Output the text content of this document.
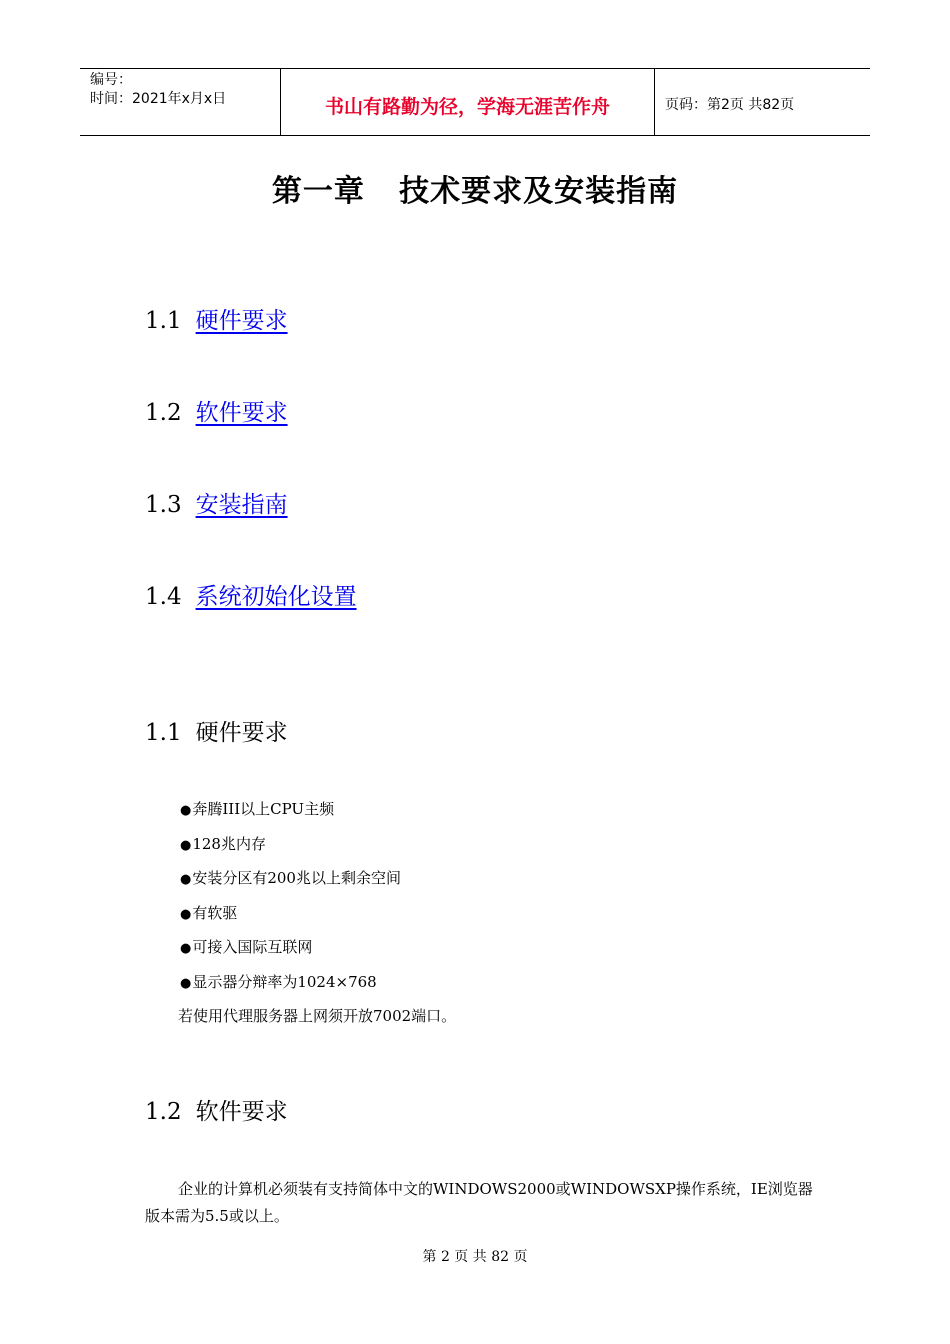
编号：
时间：2021年x月x日	书山有路勤为径，学海无涯苦作舟	页码：第2页 共82页
第一章   技术要求及安装指南
1.1 硬件要求
1.2 软件要求
1.3 安装指南
1.4 系统初始化设置
1.1 硬件要求
●奔腾III以上CPU主频
●128兆内存
●安装分区有200兆以上剩余空间
●有软驱
●可接入国际互联网
●显示器分辩率为1024×768
若使用代理服务器上网须开放7002端口。
1.2 软件要求
企业的计算机必须装有支持简体中文的WINDOWS2000或WINDOWSXP操作系统，IE浏览器版本需为5.5或以上。
第 2 页 共 82 页
